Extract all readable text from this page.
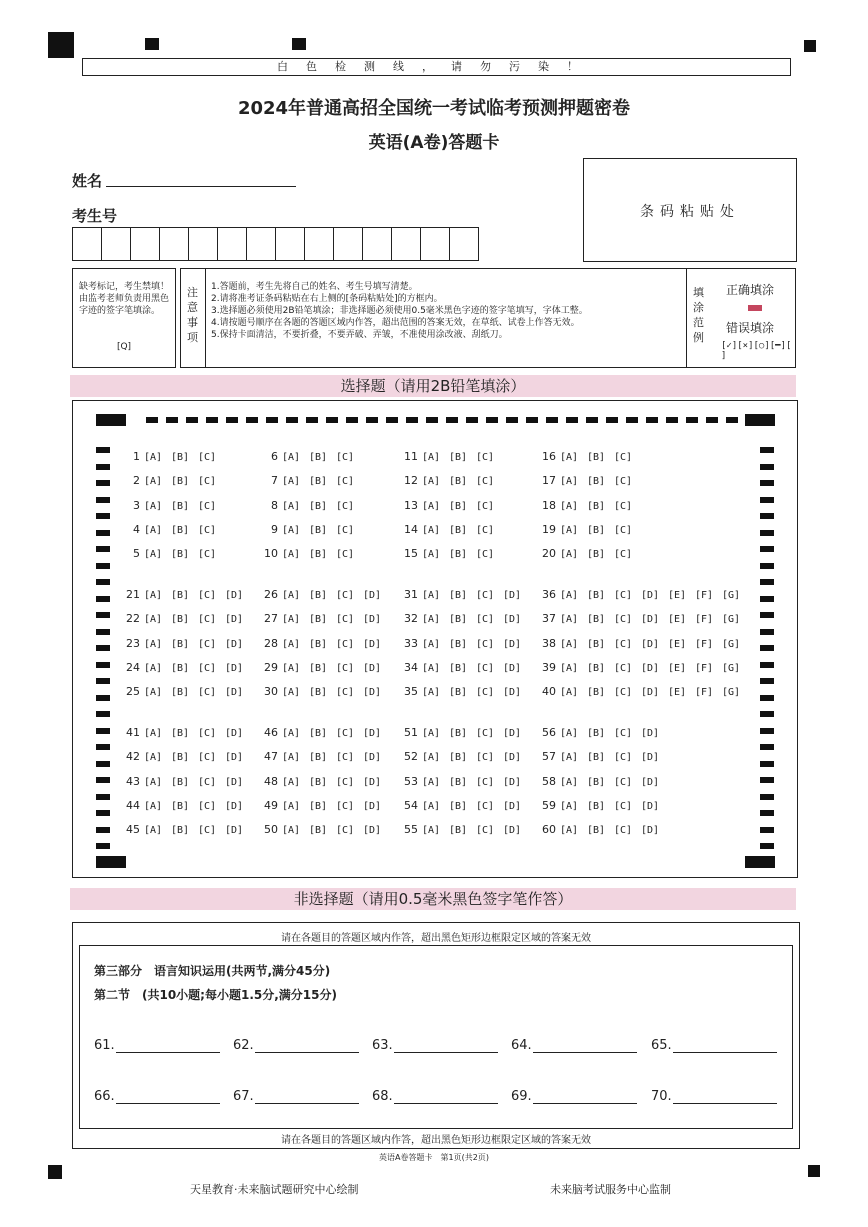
白色检测线，请勿污染！
2024年普通高招全国统一考试临考预测押题密卷
英语(A卷)答题卡
姓名
考生号	条码粘贴处
缺考标记，考生禁填！由监考老师负责用黑色字迹的签字笔填涂。
[Q]
注意事项
1.答题前，考生先将自己的姓名、考生号填写清楚。
2.请将准考证条码粘贴在右上侧的[条码粘贴处]的方框内。
3.选择题必须使用2B铅笔填涂；非选择题必须使用0.5毫米黑色字迹的签字笔填写，字体工整。
4.请按题号顺序在各题的答题区域内作答，超出范围的答案无效，在草纸、试卷上作答无效。
5.保持卡面清洁，不要折叠，不要弄破、弄皱，不准使用涂改液、刮纸刀。
填涂范例
正确填涂
错误填涂
[✓][×][○][━][ ]
选择题（请用2B铅笔填涂）
1 [A] [B] [C]
2 [A] [B] [C]
3 [A] [B] [C]
4 [A] [B] [C]
5 [A] [B] [C]
6 [A] [B] [C]
7 [A] [B] [C]
8 [A] [B] [C]
9 [A] [B] [C]
10 [A] [B] [C]
11 [A] [B] [C]
12 [A] [B] [C]
13 [A] [B] [C]
14 [A] [B] [C]
15 [A] [B] [C]
16 [A] [B] [C]
17 [A] [B] [C]
18 [A] [B] [C]
19 [A] [B] [C]
20 [A] [B] [C]
21 [A] [B] [C] [D]
22 [A] [B] [C] [D]
23 [A] [B] [C] [D]
24 [A] [B] [C] [D]
25 [A] [B] [C] [D]
26 [A] [B] [C] [D]
27 [A] [B] [C] [D]
28 [A] [B] [C] [D]
29 [A] [B] [C] [D]
30 [A] [B] [C] [D]
31 [A] [B] [C] [D]
32 [A] [B] [C] [D]
33 [A] [B] [C] [D]
34 [A] [B] [C] [D]
35 [A] [B] [C] [D]
36 [A] [B] [C] [D] [E] [F] [G]
37 [A] [B] [C] [D] [E] [F] [G]
38 [A] [B] [C] [D] [E] [F] [G]
39 [A] [B] [C] [D] [E] [F] [G]
40 [A] [B] [C] [D] [E] [F] [G]
41 [A] [B] [C] [D]
42 [A] [B] [C] [D]
43 [A] [B] [C] [D]
44 [A] [B] [C] [D]
45 [A] [B] [C] [D]
46 [A] [B] [C] [D]
47 [A] [B] [C] [D]
48 [A] [B] [C] [D]
49 [A] [B] [C] [D]
50 [A] [B] [C] [D]
51 [A] [B] [C] [D]
52 [A] [B] [C] [D]
53 [A] [B] [C] [D]
54 [A] [B] [C] [D]
55 [A] [B] [C] [D]
56 [A] [B] [C] [D]
57 [A] [B] [C] [D]
58 [A] [B] [C] [D]
59 [A] [B] [C] [D]
60 [A] [B] [C] [D]
非选择题（请用0.5毫米黑色签字笔作答）
请在各题目的答题区域内作答，超出黑色矩形边框限定区域的答案无效
第三部分　语言知识运用(共两节,满分45分)
第二节　(共10小题;每小题1.5分,满分15分)
61.	62.	63.	64.	65.
66.	67.	68.	69.	70.
请在各题目的答题区域内作答，超出黑色矩形边框限定区域的答案无效
英语A卷答题卡　第1页(共2页)
天星教育·未来脑试题研究中心绘制	未来脑考试服务中心监制
